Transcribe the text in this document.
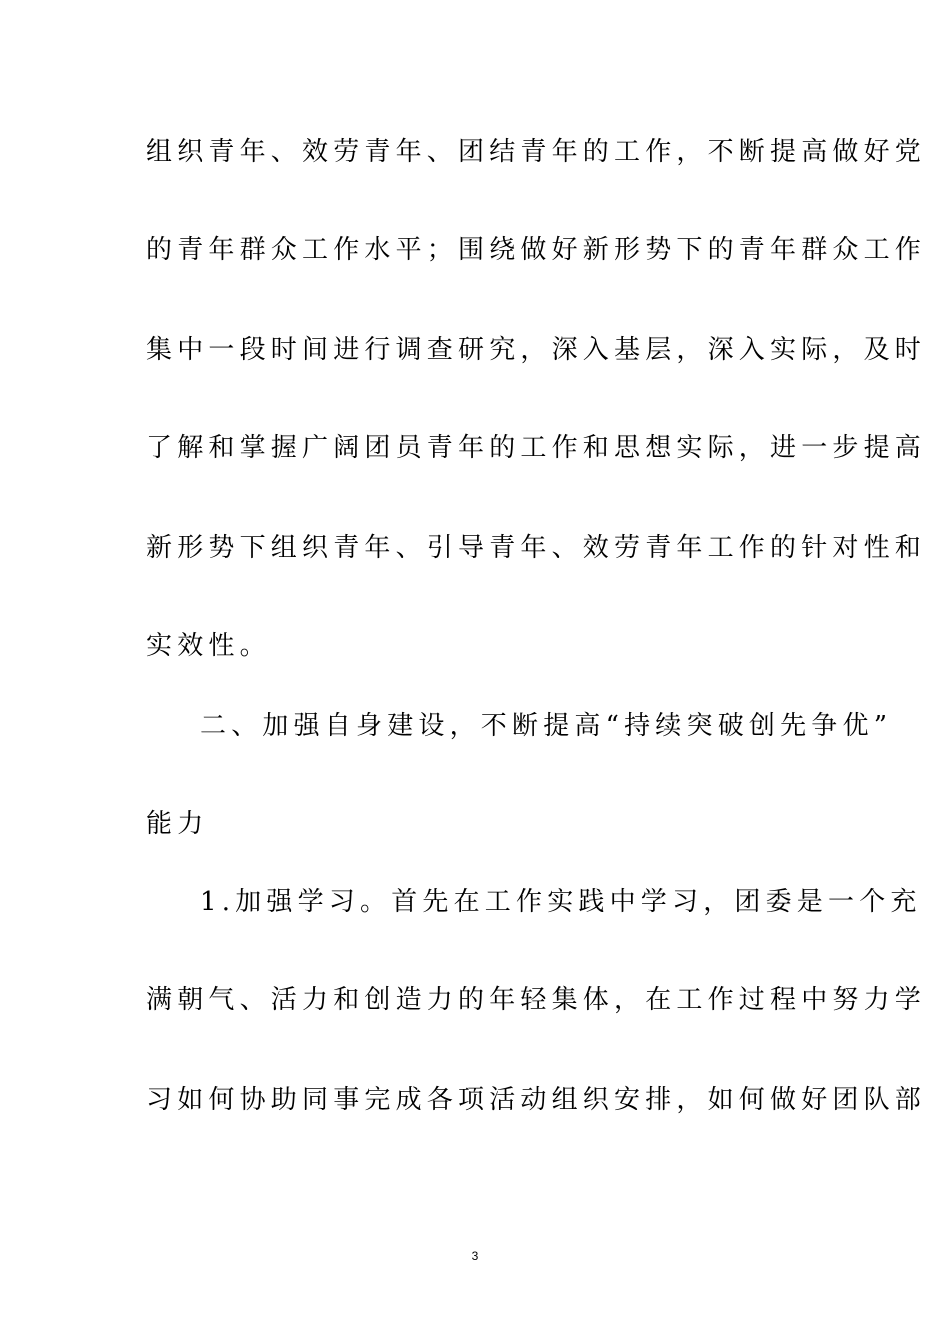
组织青年、效劳青年、团结青年的工作，不断提高做好党
的青年群众工作水平；围绕做好新形势下的青年群众工作
集中一段时间进行调查研究，深入基层，深入实际，及时
了解和掌握广阔团员青年的工作和思想实际，进一步提高
新形势下组织青年、引导青年、效劳青年工作的针对性和
实效性。
二、加强自身建设，不断提高“持续突破创先争优”
能力
1.加强学习。首先在工作实践中学习，团委是一个充
满朝气、活力和创造力的年轻集体，在工作过程中努力学
习如何协助同事完成各项活动组织安排，如何做好团队部
3
